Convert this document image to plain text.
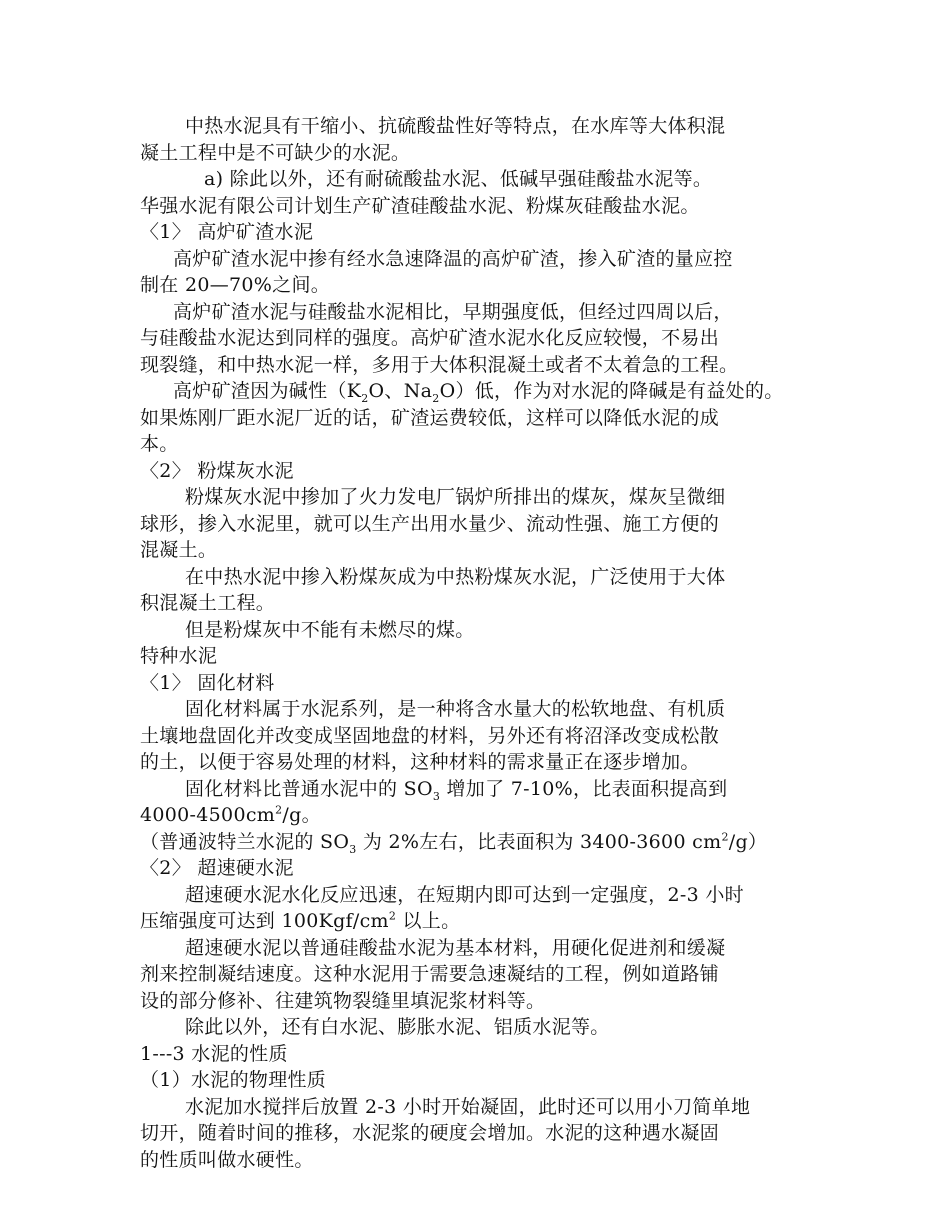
中热水泥具有干缩小、抗硫酸盐性好等特点，在水库等大体积混
凝土工程中是不可缺少的水泥。
a) 除此以外，还有耐硫酸盐水泥、低碱早强硅酸盐水泥等。
华强水泥有限公司计划生产矿渣硅酸盐水泥、粉煤灰硅酸盐水泥。
〈1〉 高炉矿渣水泥
高炉矿渣水泥中掺有经水急速降温的高炉矿渣，掺入矿渣的量应控
制在 20—70%之间。
高炉矿渣水泥与硅酸盐水泥相比，早期强度低，但经过四周以后，
与硅酸盐水泥达到同样的强度。高炉矿渣水泥水化反应较慢，不易出
现裂缝，和中热水泥一样，多用于大体积混凝土或者不太着急的工程。
高炉矿渣因为碱性（$K_2O$、$Na_2O$）低，作为对水泥的降碱是有益处的。
如果炼刚厂距水泥厂近的话，矿渣运费较低，这样可以降低水泥的成
本。
〈2〉 粉煤灰水泥
粉煤灰水泥中掺加了火力发电厂锅炉所排出的煤灰，煤灰呈微细
球形，掺入水泥里，就可以生产出用水量少、流动性强、施工方便的
混凝土。
在中热水泥中掺入粉煤灰成为中热粉煤灰水泥，广泛使用于大体
积混凝土工程。
但是粉煤灰中不能有未燃尽的煤。
特种水泥
〈1〉 固化材料
固化材料属于水泥系列，是一种将含水量大的松软地盘、有机质
土壤地盘固化并改变成坚固地盘的材料，另外还有将沼泽改变成松散
的土，以便于容易处理的材料，这种材料的需求量正在逐步增加。
固化材料比普通水泥中的 $SO_3$ 增加了 7-10%，比表面积提高到
$4000-4500cm^2/g$。
（普通波特兰水泥的 $SO_3$ 为 2%左右，比表面积为 3400-3600 $cm^2/g$）
〈2〉 超速硬水泥
超速硬水泥水化反应迅速，在短期内即可达到一定强度，2-3 小时
压缩强度可达到 $100Kgf/cm^2$ 以上。
超速硬水泥以普通硅酸盐水泥为基本材料，用硬化促进剂和缓凝
剂来控制凝结速度。这种水泥用于需要急速凝结的工程，例如道路铺
设的部分修补、往建筑物裂缝里填泥浆材料等。
除此以外，还有白水泥、膨胀水泥、铝质水泥等。
1---3 水泥的性质
（1）水泥的物理性质
水泥加水搅拌后放置 2-3 小时开始凝固，此时还可以用小刀简单地
切开，随着时间的推移，水泥浆的硬度会增加。水泥的这种遇水凝固
的性质叫做水硬性。
